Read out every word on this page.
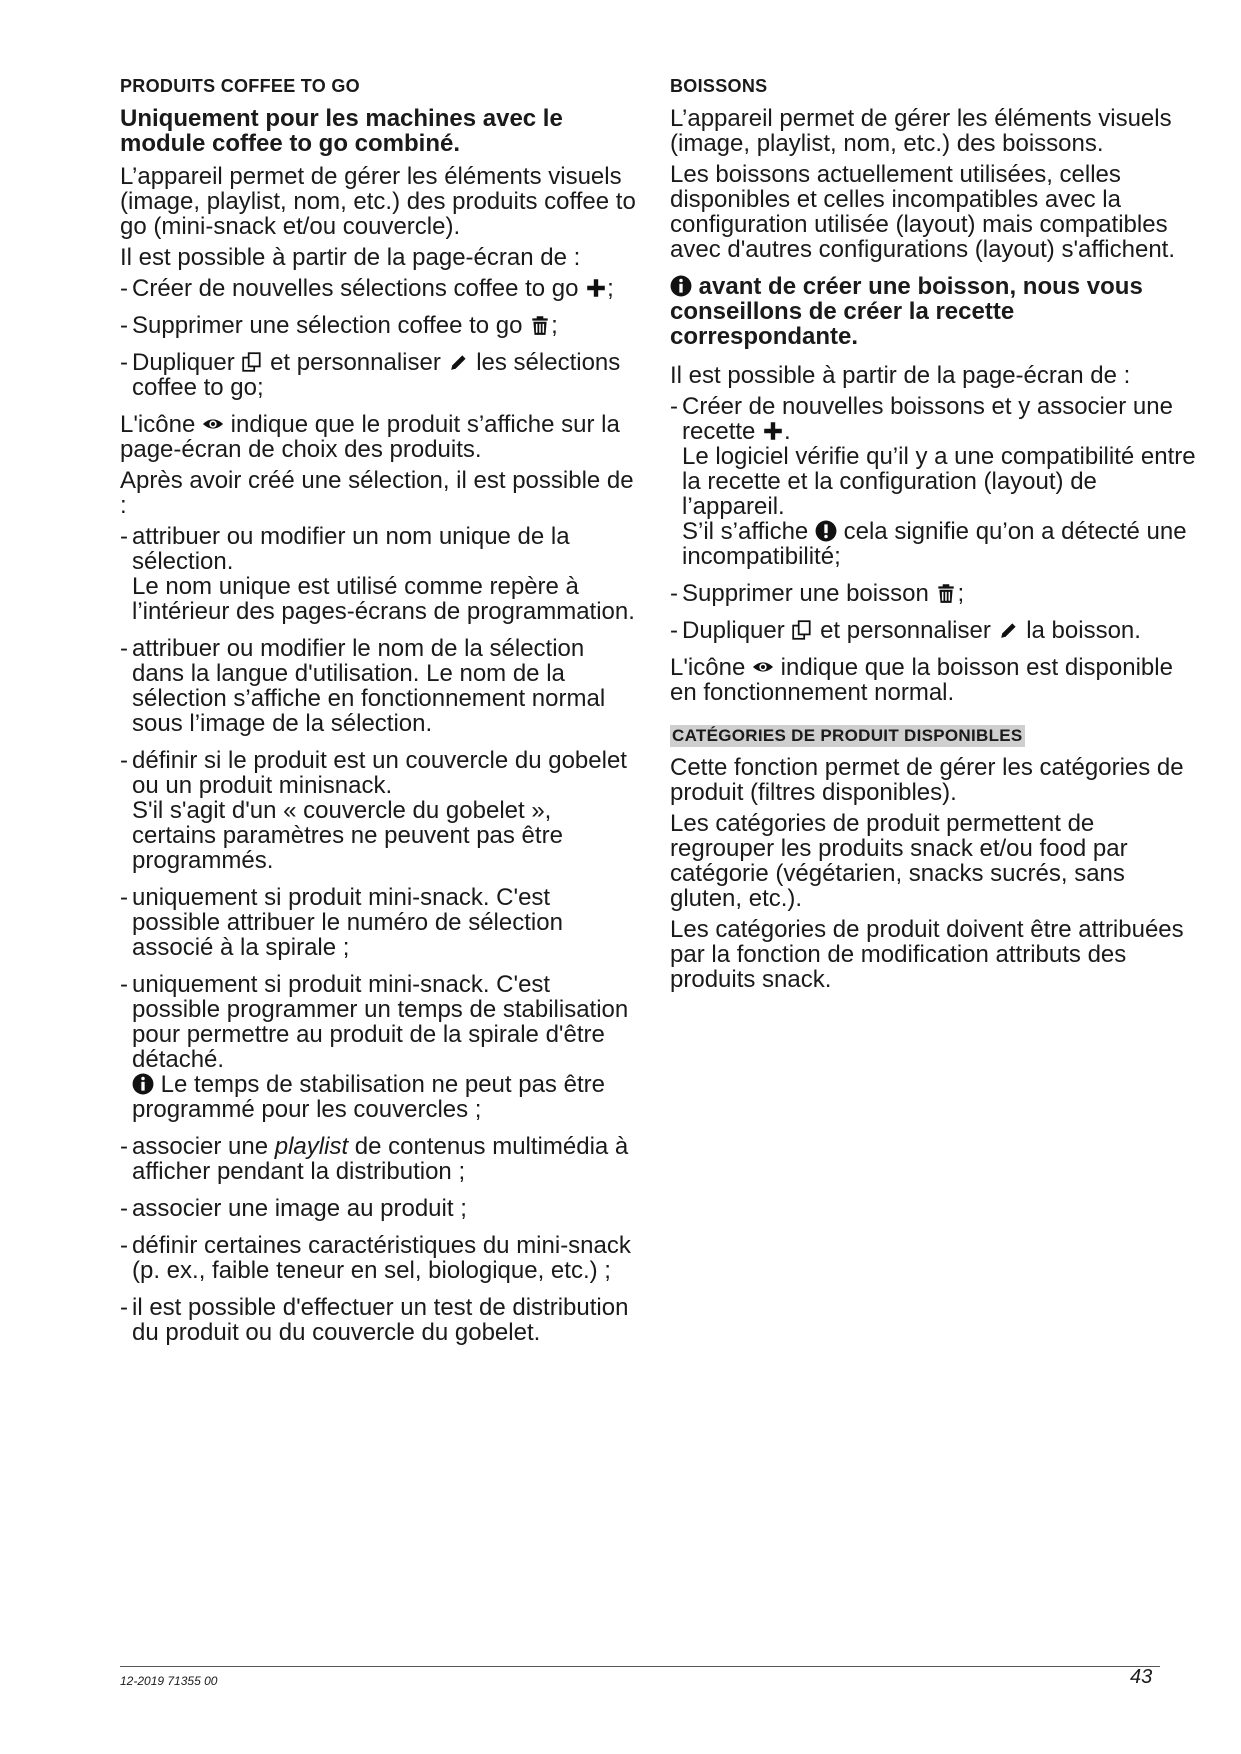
PRODUITS COFFEE TO GO
Uniquement pour les machines avec le module coffee to go combiné.

L’appareil permet de gérer les éléments visuels (image, playlist, nom, etc.) des produits coffee to go (mini-snack et/ou couvercle).

Il est possible à partir de la page-écran de :

- Créer de nouvelles sélections coffee to go ;
- Supprimer une sélection coffee to go ;
- Dupliquer et personnaliser les sélections coffee to go;

L'icône indique que le produit s’affiche sur la page-écran de choix des produits.

Après avoir créé une sélection, il est possible de :

- attribuer ou modifier un nom unique de la sélection.
Le nom unique est utilisé comme repère à l’intérieur des pages-écrans de programmation.
- attribuer ou modifier le nom de la sélection dans la langue d'utilisation. Le nom de la sélection s’affiche en fonctionnement normal sous l’image de la sélection.
- définir si le produit est un couvercle du gobelet ou un produit minisnack.
S'il s'agit d'un « couvercle du gobelet », certains paramètres ne peuvent pas être programmés.
- uniquement si produit mini-snack. C'est possible attribuer le numéro de sélection associé à la spirale ;
- uniquement si produit mini-snack. C'est possible programmer un temps de stabilisation pour permettre au produit de la spirale d'être détaché.
Le temps de stabilisation ne peut pas être programmé pour les couvercles ;
- associer une playlist de contenus multimédia à afficher pendant la distribution ;
- associer une image au produit ;
- définir certaines caractéristiques du mini-snack (p. ex., faible teneur en sel, biologique, etc.) ;
- il est possible d'effectuer un test de distribution du produit ou du couvercle du gobelet.
BOISSONS

L’appareil permet de gérer les éléments visuels (image, playlist, nom, etc.) des boissons.

Les boissons actuellement utilisées, celles disponibles et celles incompatibles avec la configuration utilisée (layout) mais compatibles avec d'autres configurations (layout) s'affichent.

avant de créer une boisson, nous vous conseillons de créer la recette correspondante.

Il est possible à partir de la page-écran de :

- Créer de nouvelles boissons et y associer une recette .
Le logiciel vérifie qu’il y a une compatibilité entre la recette et la configuration (layout) de l’appareil.
S’il s’affiche cela signifie qu’on a détecté une incompatibilité;
- Supprimer une boisson ;
- Dupliquer et personnaliser la boisson.

L'icône indique que la boisson est disponible en fonctionnement normal.

CATÉGORIES DE PRODUIT DISPONIBLES

Cette fonction permet de gérer les catégories de produit (filtres disponibles).

Les catégories de produit permettent de regrouper les produits snack et/ou food par catégorie (végétarien, snacks sucrés, sans gluten, etc.).

Les catégories de produit doivent être attribuées par la fonction de modification attributs des produits snack.

12-2019 71355 00	43
